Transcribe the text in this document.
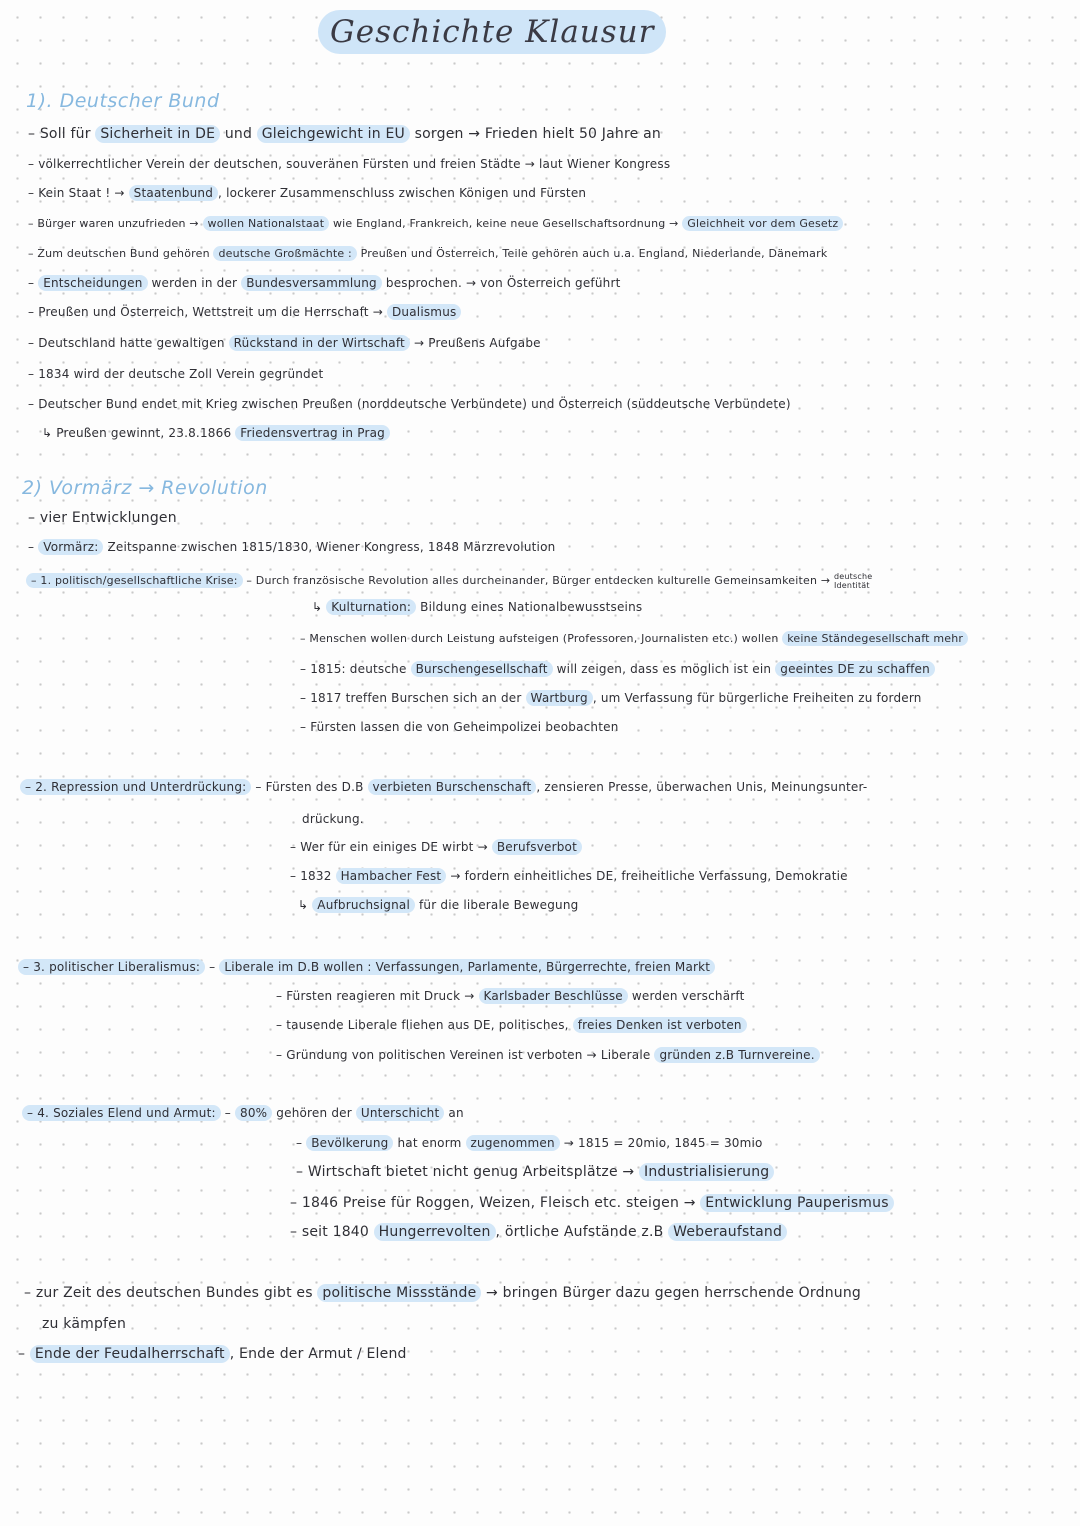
Geschichte Klausur
1). Deutscher Bund
– Soll für Sicherheit in DE und Gleichgewicht in EU sorgen → Frieden hielt 50 Jahre an
– völkerrechtlicher Verein der deutschen, souveränen Fürsten und freien Städte → laut Wiener Kongress
– Kein Staat ! → Staatenbund , lockerer Zusammenschluss zwischen Königen und Fürsten
– Bürger waren unzufrieden → wollen Nationalstaat wie England, Frankreich, keine neue Gesellschaftsordnung → Gleichheit vor dem Gesetz
– Zum deutschen Bund gehören deutsche Großmächte : Preußen und Österreich, Teile gehören auch u.a. England, Niederlande, Dänemark
– Entscheidungen werden in der Bundesversammlung besprochen. → von Österreich geführt
– Preußen und Österreich, Wettstreit um die Herrschaft → Dualismus
– Deutschland hatte gewaltigen Rückstand in der Wirtschaft → Preußens Aufgabe
– 1834 wird der deutsche Zoll Verein gegründet
– Deutscher Bund endet mit Krieg zwischen Preußen (norddeutsche Verbündete) und Österreich (süddeutsche Verbündete)
↳ Preußen gewinnt, 23.8.1866 Friedensvertrag in Prag
2) Vormärz → Revolution
– vier Entwicklungen
– Vormärz: Zeitspanne zwischen 1815/1830, Wiener Kongress, 1848 Märzrevolution
– 1. politisch/gesellschaftliche Krise: – Durch französische Revolution alles durcheinander, Bürger entdecken kulturelle Gemeinsamkeiten → deutsche
Identität
↳ Kulturnation: Bildung eines Nationalbewusstseins
– Menschen wollen durch Leistung aufsteigen (Professoren, Journalisten etc.) wollen keine Ständegesellschaft mehr
– 1815: deutsche Burschengesellschaft will zeigen, dass es möglich ist ein geeintes DE zu schaffen
– 1817 treffen Burschen sich an der Wartburg , um Verfassung für bürgerliche Freiheiten zu fordern
– Fürsten lassen die von Geheimpolizei beobachten
– 2. Repression und Unterdrückung: – Fürsten des D.B verbieten Burschenschaft , zensieren Presse, überwachen Unis, Meinungsunter-
drückung.
– Wer für ein einiges DE wirbt → Berufsverbot
– 1832 Hambacher Fest → fordern einheitliches DE, freiheitliche Verfassung, Demokratie
↳ Aufbruchsignal für die liberale Bewegung
– 3. politischer Liberalismus: – Liberale im D.B wollen : Verfassungen, Parlamente, Bürgerrechte, freien Markt
– Fürsten reagieren mit Druck → Karlsbader Beschlüsse werden verschärft
– tausende Liberale fliehen aus DE, politisches, freies Denken ist verboten
– Gründung von politischen Vereinen ist verboten → Liberale gründen z.B Turnvereine.
– 4. Soziales Elend und Armut: – 80% gehören der Unterschicht an
– Bevölkerung hat enorm zugenommen → 1815 = 20mio, 1845 = 30mio
– Wirtschaft bietet nicht genug Arbeitsplätze → Industrialisierung
– 1846 Preise für Roggen, Weizen, Fleisch etc. steigen → Entwicklung Pauperismus
– seit 1840 Hungerrevolten , örtliche Aufstände z.B Weberaufstand
– zur Zeit des deutschen Bundes gibt es politische Missstände → bringen Bürger dazu gegen herrschende Ordnung
zu kämpfen
– Ende der Feudalherrschaft , Ende der Armut / Elend
